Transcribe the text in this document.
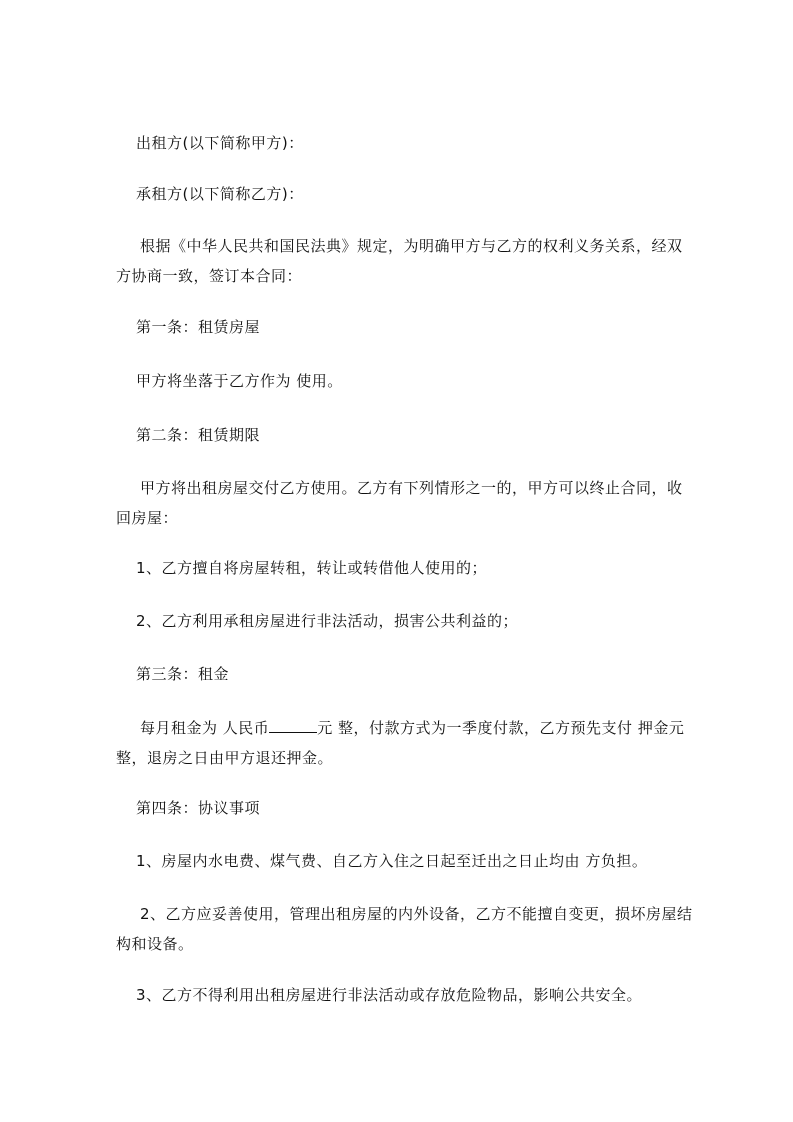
出租方(以下简称甲方)：
承租方(以下简称乙方)：
根据《中华人民共和国民法典》规定，为明确甲方与乙方的权利义务关系，经双
方协商一致，签订本合同：
第一条：租赁房屋
甲方将坐落于乙方作为 使用。
第二条：租赁期限
甲方将出租房屋交付乙方使用。乙方有下列情形之一的，甲方可以终止合同，收
回房屋：
1、乙方擅自将房屋转租，转让或转借他人使用的；
2、乙方利用承租房屋进行非法活动，损害公共利益的；
第三条：租金
每月租金为 人民币	元 整，付款方式为一季度付款，乙方预先支付 押金元
整，退房之日由甲方退还押金。
第四条：协议事项
1、房屋内水电费、煤气费、自乙方入住之日起至迁出之日止均由 方负担。
2、乙方应妥善使用，管理出租房屋的内外设备，乙方不能擅自变更，损坏房屋结
构和设备。
3、乙方不得利用出租房屋进行非法活动或存放危险物品，影响公共安全。
